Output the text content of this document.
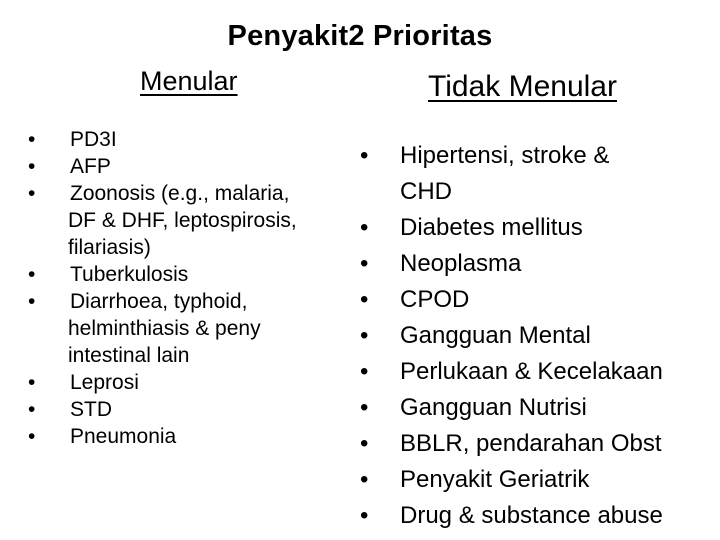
Penyakit2 Prioritas
Menular	Tidak Menular
• PD3I
• AFP
• Zoonosis (e.g., malaria,
DF & DHF, leptospirosis,
filariasis)
• Tuberkulosis
• Diarrhoea, typhoid,
helminthiasis & peny
intestinal lain
• Leprosi
• STD
• Pneumonia
• Hipertensi, stroke &
CHD
• Diabetes mellitus
• Neoplasma
• CPOD
• Gangguan Mental
• Perlukaan & Kecelakaan
• Gangguan Nutrisi
• BBLR, pendarahan Obst
• Penyakit Geriatrik
• Drug & substance abuse
